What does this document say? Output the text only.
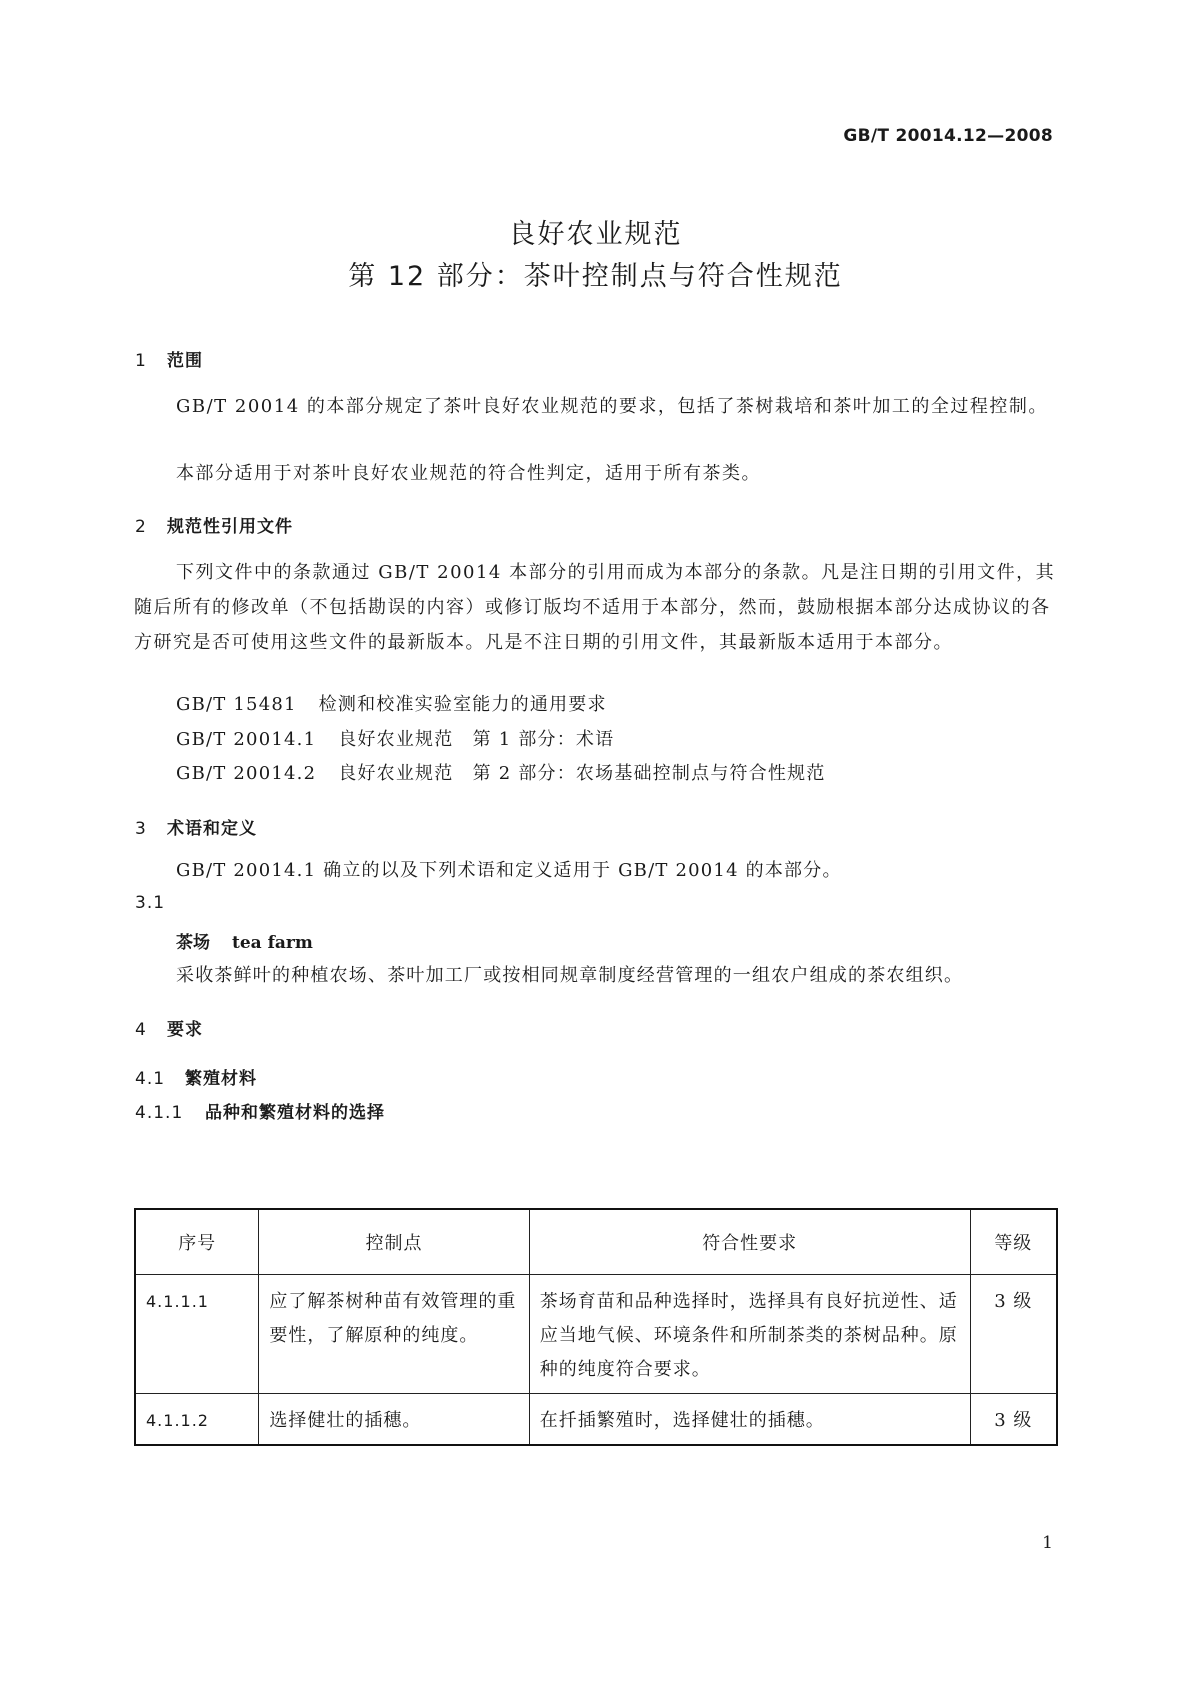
GB/T 20014.12—2008
良好农业规范
第 12 部分：茶叶控制点与符合性规范
1 范围
GB/T 20014 的本部分规定了茶叶良好农业规范的要求，包括了茶树栽培和茶叶加工的全过程控制。
本部分适用于对茶叶良好农业规范的符合性判定，适用于所有茶类。
2 规范性引用文件
下列文件中的条款通过 GB/T 20014 本部分的引用而成为本部分的条款。凡是注日期的引用文件，其随后所有的修改单（不包括勘误的内容）或修订版均不适用于本部分，然而，鼓励根据本部分达成协议的各方研究是否可使用这些文件的最新版本。凡是不注日期的引用文件，其最新版本适用于本部分。
GB/T 15481 检测和校准实验室能力的通用要求
GB/T 20014.1 良好农业规范　第 1 部分：术语
GB/T 20014.2 良好农业规范　第 2 部分：农场基础控制点与符合性规范
3 术语和定义
GB/T 20014.1 确立的以及下列术语和定义适用于 GB/T 20014 的本部分。
3.1
茶场 tea farm
采收茶鲜叶的种植农场、茶叶加工厂或按相同规章制度经营管理的一组农户组成的茶农组织。
4 要求
4.1 繁殖材料
4.1.1 品种和繁殖材料的选择
序号	控制点	符合性要求	等级
4.1.1.1	应了解茶树种苗有效管理的重要性，了解原种的纯度。	茶场育苗和品种选择时，选择具有良好抗逆性、适应当地气候、环境条件和所制茶类的茶树品种。原种的纯度符合要求。	3 级
4.1.1.2	选择健壮的插穗。	在扦插繁殖时，选择健壮的插穗。	3 级
1
